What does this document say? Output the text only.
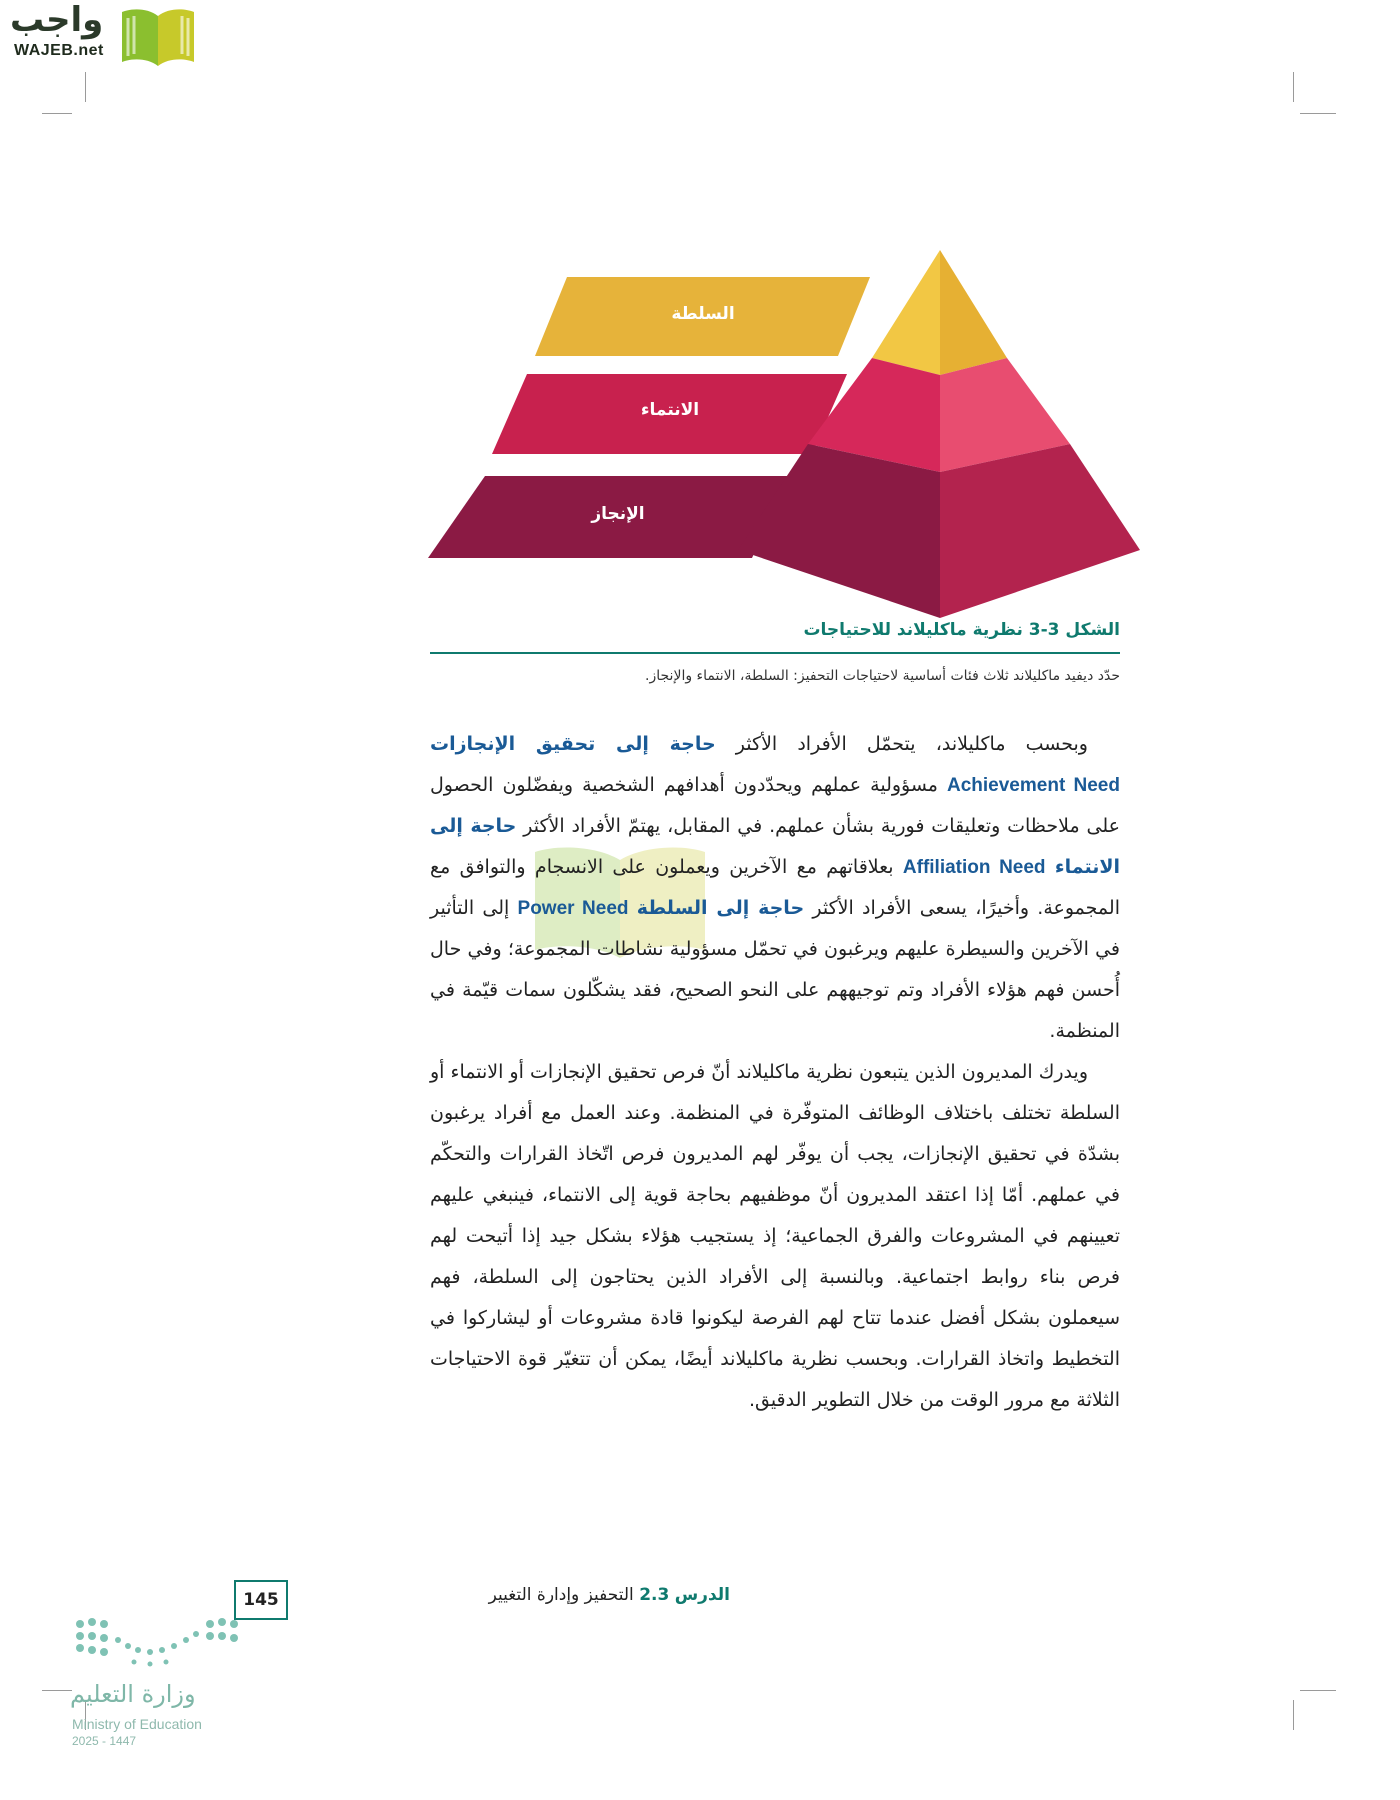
واجب
WAJEB.net
السلطة
الانتماء
الإنجاز
الشكل 3-3 نظرية ماكليلاند للاحتياجات
حدّد ديفيد ماكليلاند ثلاث فئات أساسية لاحتياجات التحفيز: السلطة، الانتماء والإنجاز.

وبحسب ماكليلاند، يتحمّل الأفراد الأكثر حاجة إلى تحقيق الإنجازات Achievement Need مسؤولية عملهم ويحدّدون أهدافهم الشخصية ويفضّلون الحصول على ملاحظات وتعليقات فورية بشأن عملهم. في المقابل، يهتمّ الأفراد الأكثر حاجة إلى الانتماء Affiliation Need بعلاقاتهم مع الآخرين ويعملون على الانسجام والتوافق مع المجموعة. وأخيرًا، يسعى الأفراد الأكثر حاجة إلى السلطة Power Need إلى التأثير في الآخرين والسيطرة عليهم ويرغبون في تحمّل مسؤولية نشاطات المجموعة؛ وفي حال أُحسن فهم هؤلاء الأفراد وتم توجيههم على النحو الصحيح، فقد يشكّلون سمات قيّمة في المنظمة.

ويدرك المديرون الذين يتبعون نظرية ماكليلاند أنّ فرص تحقيق الإنجازات أو الانتماء أو السلطة تختلف باختلاف الوظائف المتوفّرة في المنظمة. وعند العمل مع أفراد يرغبون بشدّة في تحقيق الإنجازات، يجب أن يوفّر لهم المديرون فرص اتّخاذ القرارات والتحكّم في عملهم. أمّا إذا اعتقد المديرون أنّ موظفيهم بحاجة قوية إلى الانتماء، فينبغي عليهم تعيينهم في المشروعات والفرق الجماعية؛ إذ يستجيب هؤلاء بشكل جيد إذا أتيحت لهم فرص بناء روابط اجتماعية. وبالنسبة إلى الأفراد الذين يحتاجون إلى السلطة، فهم سيعملون بشكل أفضل عندما تتاح لهم الفرصة ليكونوا قادة مشروعات أو ليشاركوا في التخطيط واتخاذ القرارات. وبحسب نظرية ماكليلاند أيضًا، يمكن أن تتغيّر قوة الاحتياجات الثلاثة مع مرور الوقت من خلال التطوير الدقيق.

145	الدرس 2.3 التحفيز وإدارة التغيير
وزارة التعليم
Ministry of Education
2025 - 1447
